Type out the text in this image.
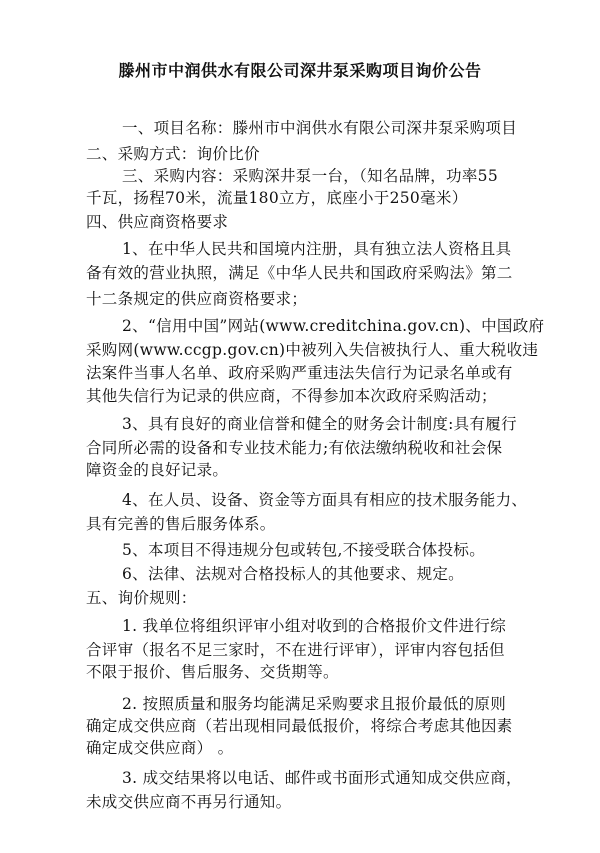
滕州市中润供水有限公司深井泵采购项目询价公告
一、项目名称：滕州市中润供水有限公司深井泵采购项目
二、采购方式：询价比价
三、采购内容：采购深井泵一台，（知名品牌，功率55
千瓦，扬程70米，流量180立方，底座小于250毫米）
四、供应商资格要求
1、在中华人民共和国境内注册，具有独立法人资格且具
备有效的营业执照，满足《中华人民共和国政府采购法》第二
十二条规定的供应商资格要求；
2、“信用中国”网站(www.creditchina.gov.cn)、中国政府
采购网(www.ccgp.gov.cn)中被列入失信被执行人、重大税收违
法案件当事人名单、政府采购严重违法失信行为记录名单或有
其他失信行为记录的供应商，不得参加本次政府采购活动；
3、具有良好的商业信誉和健全的财务会计制度:具有履行
合同所必需的设备和专业技术能力;有依法缴纳税收和社会保
障资金的良好记录。
4、在人员、设备、资金等方面具有相应的技术服务能力、
具有完善的售后服务体系。
5、本项目不得违规分包或转包,不接受联合体投标。
6、法律、法规对合格投标人的其他要求、规定。
五、询价规则：
1. 我单位将组织评审小组对收到的合格报价文件进行综
合评审（报名不足三家时，不在进行评审），评审内容包括但
不限于报价、售后服务、交货期等。
2. 按照质量和服务均能满足采购要求且报价最低的原则
确定成交供应商（若出现相同最低报价，将综合考虑其他因素
确定成交供应商） 。
3. 成交结果将以电话、邮件或书面形式通知成交供应商，
未成交供应商不再另行通知。
